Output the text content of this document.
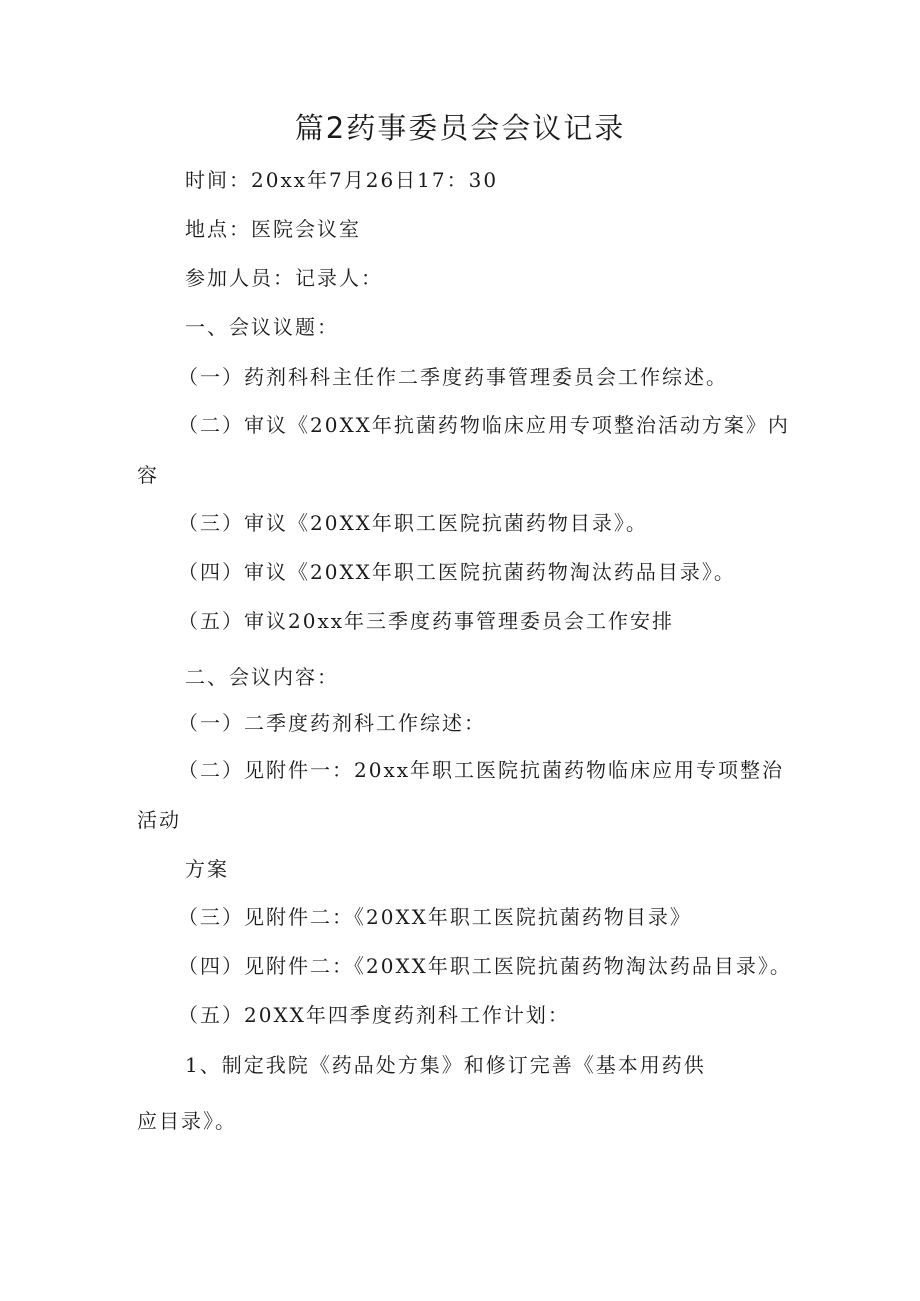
篇2药事委员会会议记录
时间：20xx年7月26日17：30
地点：医院会议室
参加人员：记录人：
一、会议议题：
（一）药剂科科主任作二季度药事管理委员会工作综述。
（二）审议《20XX年抗菌药物临床应用专项整治活动方案》内
容
（三）审议《20XX年职工医院抗菌药物目录》。
（四）审议《20XX年职工医院抗菌药物淘汰药品目录》。
（五）审议20xx年三季度药事管理委员会工作安排
二、会议内容：
（一）二季度药剂科工作综述：
（二）见附件一：20xx年职工医院抗菌药物临床应用专项整治
活动
方案
（三）见附件二：《20XX年职工医院抗菌药物目录》
（四）见附件二：《20XX年职工医院抗菌药物淘汰药品目录》。
（五）20XX年四季度药剂科工作计划：
1、制定我院《药品处方集》和修订完善《基本用药供
应目录》。
